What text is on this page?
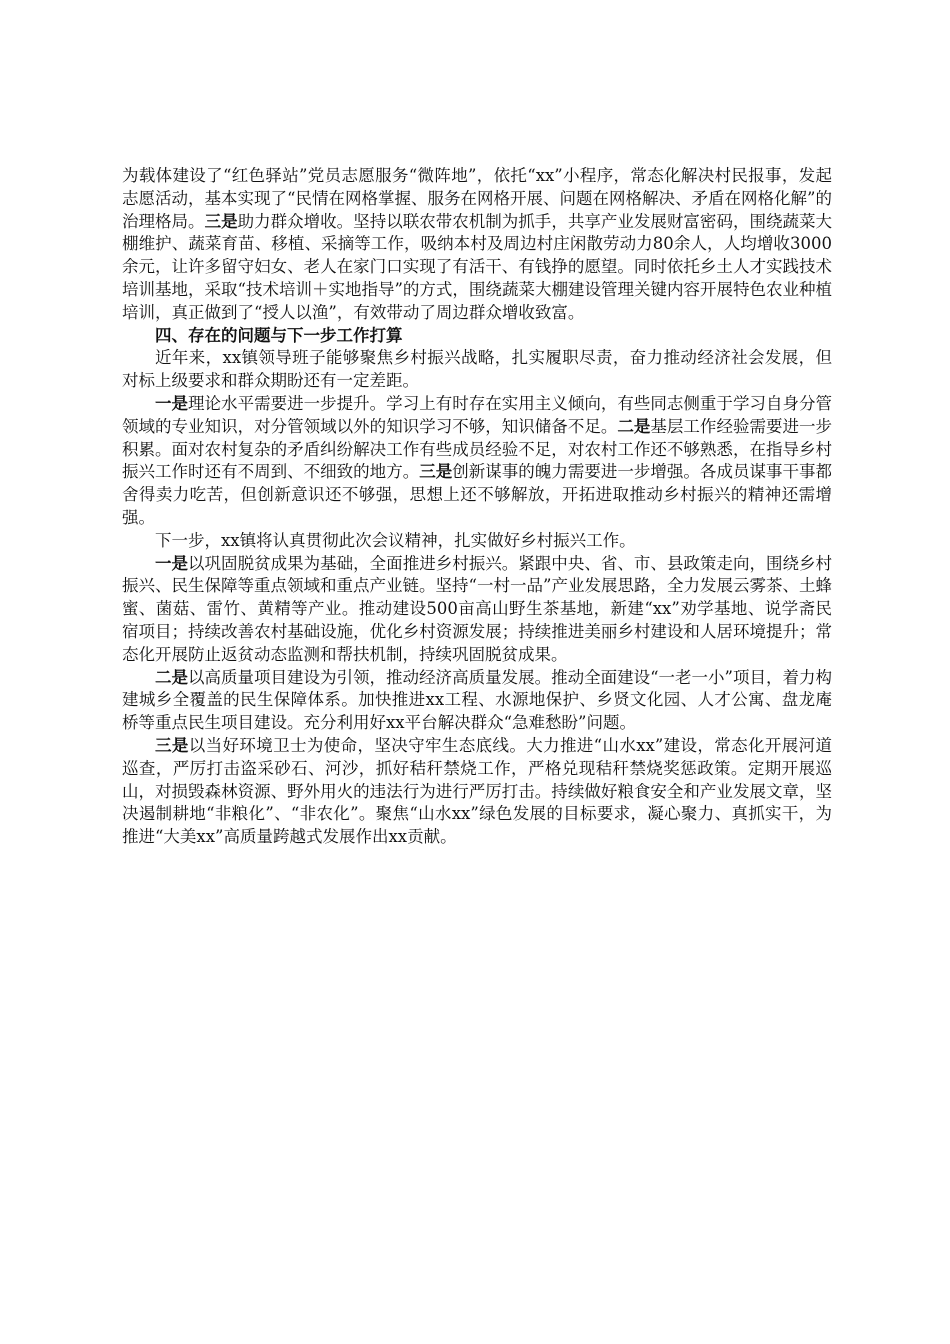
为载体建设了“红色驿站”党员志愿服务“微阵地”，依托“xx”小程序，常态化解决村民报事，发起志愿活动，基本实现了“民情在网格掌握、服务在网格开展、问题在网格解决、矛盾在网格化解”的治理格局。三是助力群众增收。坚持以联农带农机制为抓手，共享产业发展财富密码，围绕蔬菜大棚维护、蔬菜育苗、移植、采摘等工作，吸纳本村及周边村庄闲散劳动力80余人，人均增收3000余元，让许多留守妇女、老人在家门口实现了有活干、有钱挣的愿望。同时依托乡土人才实践技术培训基地，采取“技术培训＋实地指导”的方式，围绕蔬菜大棚建设管理关键内容开展特色农业种植培训，真正做到了“授人以渔”，有效带动了周边群众增收致富。

四、存在的问题与下一步工作打算

近年来，xx镇领导班子能够聚焦乡村振兴战略，扎实履职尽责，奋力推动经济社会发展，但对标上级要求和群众期盼还有一定差距。

一是理论水平需要进一步提升。学习上有时存在实用主义倾向，有些同志侧重于学习自身分管领域的专业知识，对分管领域以外的知识学习不够，知识储备不足。二是基层工作经验需要进一步积累。面对农村复杂的矛盾纠纷解决工作有些成员经验不足，对农村工作还不够熟悉，在指导乡村振兴工作时还有不周到、不细致的地方。三是创新谋事的魄力需要进一步增强。各成员谋事干事都舍得卖力吃苦，但创新意识还不够强，思想上还不够解放，开拓进取推动乡村振兴的精神还需增强。

下一步，xx镇将认真贯彻此次会议精神，扎实做好乡村振兴工作。

一是以巩固脱贫成果为基础，全面推进乡村振兴。紧跟中央、省、市、县政策走向，围绕乡村振兴、民生保障等重点领域和重点产业链。坚持“一村一品”产业发展思路，全力发展云雾茶、土蜂蜜、菌菇、雷竹、黄精等产业。推动建设500亩高山野生茶基地，新建“xx”劝学基地、说学斋民宿项目；持续改善农村基础设施，优化乡村资源发展；持续推进美丽乡村建设和人居环境提升；常态化开展防止返贫动态监测和帮扶机制，持续巩固脱贫成果。

二是以高质量项目建设为引领，推动经济高质量发展。推动全面建设“一老一小”项目，着力构建城乡全覆盖的民生保障体系。加快推进xx工程、水源地保护、乡贤文化园、人才公寓、盘龙庵桥等重点民生项目建设。充分利用好xx平台解决群众“急难愁盼”问题。

三是以当好环境卫士为使命，坚决守牢生态底线。大力推进“山水xx”建设，常态化开展河道巡查，严厉打击盗采砂石、河沙，抓好秸秆禁烧工作，严格兑现秸秆禁烧奖惩政策。定期开展巡山，对损毁森林资源、野外用火的违法行为进行严厉打击。持续做好粮食安全和产业发展文章，坚决遏制耕地“非粮化”、“非农化”。聚焦“山水xx”绿色发展的目标要求，凝心聚力、真抓实干，为推进“大美xx”高质量跨越式发展作出xx贡献。
